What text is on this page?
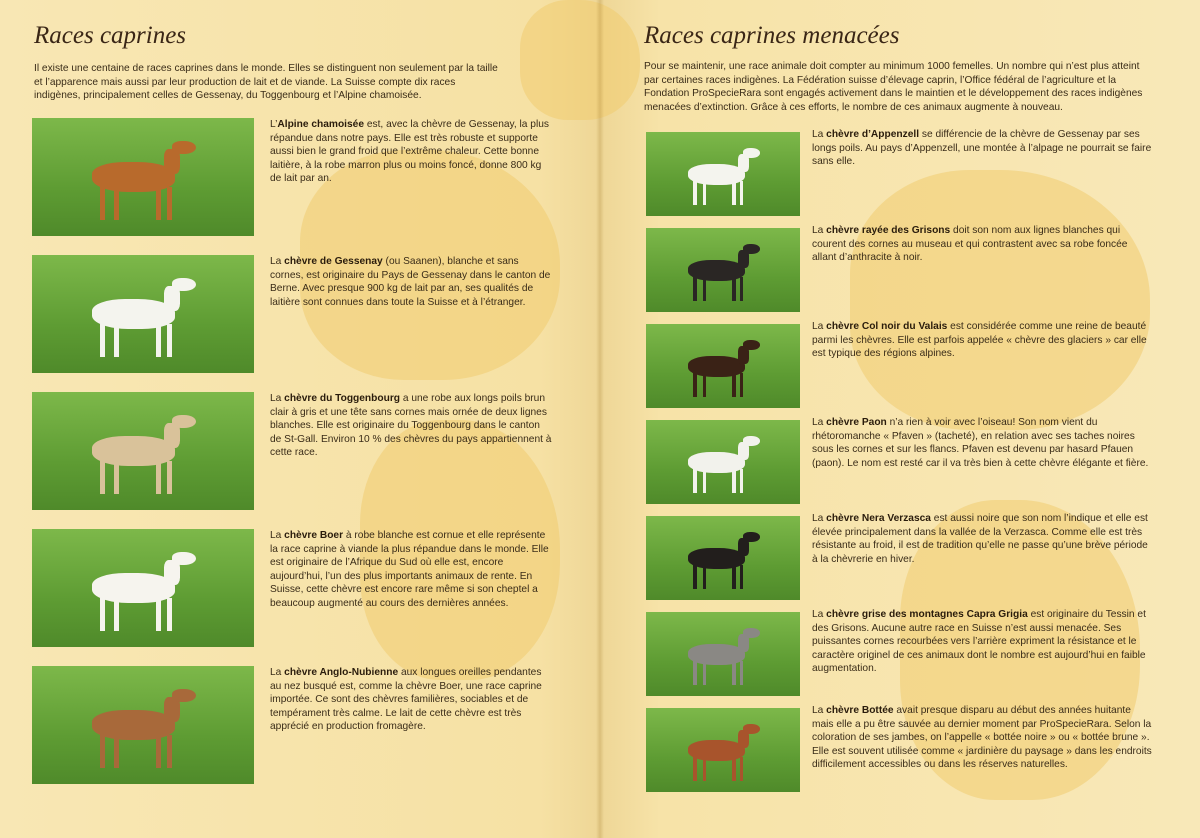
Races caprines

Il existe une centaine de races caprines dans le monde. Elles se distinguent non seulement par la taille et l’apparence mais aussi par leur production de lait et de viande. La Suisse compte dix races indigènes, principalement celles de Gessenay, du Toggenbourg et l’Alpine chamoisée.

L’Alpine chamoisée est, avec la chèvre de Gessenay, la plus répandue dans notre pays. Elle est très robuste et supporte aussi bien le grand froid que l’extrême chaleur. Cette bonne laitière, à la robe marron plus ou moins foncé, donne 800 kg de lait par an.

La chèvre de Gessenay (ou Saanen), blanche et sans cornes, est originaire du Pays de Gessenay dans le canton de Berne. Avec presque 900 kg de lait par an, ses qualités de laitière sont connues dans toute la Suisse et à l’étranger.

La chèvre du Toggenbourg a une robe aux longs poils brun clair à gris et une tête sans cornes mais ornée de deux lignes blanches. Elle est originaire du Toggenbourg dans le canton de St-Gall. Environ 10 % des chèvres du pays appartiennent à cette race.

La chèvre Boer à robe blanche est cornue et elle représente la race caprine à viande la plus répandue dans le monde. Elle est originaire de l’Afrique du Sud où elle est, encore aujourd’hui, l’un des plus importants animaux de rente. En Suisse, cette chèvre est encore rare même si son cheptel a beaucoup augmenté au cours des dernières années.

La chèvre Anglo-Nubienne aux longues oreilles pendantes au nez busqué est, comme la chèvre Boer, une race caprine importée. Ce sont des chèvres familières, sociables et de tempérament très calme. Le lait de cette chèvre est très apprécié en production fromagère.

Races caprines menacées

Pour se maintenir, une race animale doit compter au minimum 1000 femelles. Un nombre qui n’est plus atteint par certaines races indigènes. La Fédération suisse d’élevage caprin, l’Office fédéral de l’agriculture et la Fondation ProSpecieRara sont engagés activement dans le maintien et le développement des races indigènes menacées d’extinction. Grâce à ces efforts, le nombre de ces animaux augmente à nouveau.

La chèvre d’Appenzell se différencie de la chèvre de Gessenay par ses longs poils. Au pays d’Appenzell, une montée à l’alpage ne pourrait se faire sans elle.

La chèvre rayée des Grisons doit son nom aux lignes blanches qui courent des cornes au museau et qui contrastent avec sa robe foncée allant d’anthracite à noir.

La chèvre Col noir du Valais est considérée comme une reine de beauté parmi les chèvres. Elle est parfois appelée « chèvre des glaciers » car elle est typique des régions alpines.

La chèvre Paon n’a rien à voir avec l’oiseau! Son nom vient du rhétoromanche « Pfaven » (tacheté), en relation avec ses taches noires sous les cornes et sur les flancs. Pfaven est devenu par hasard Pfauen (paon). Le nom est resté car il va très bien à cette chèvre élégante et fière.

La chèvre Nera Verzasca est aussi noire que son nom l’indique et elle est élevée principalement dans la vallée de la Verzasca. Comme elle est très résistante au froid, il est de tradition qu’elle ne passe qu’une brève période à la chèvrerie en hiver.

La chèvre grise des montagnes Capra Grigia est originaire du Tessin et des Grisons. Aucune autre race en Suisse n’est aussi menacée. Ses puissantes cornes recourbées vers l’arrière expriment la résistance et le caractère originel de ces animaux dont le nombre est aujourd’hui en faible augmentation.

La chèvre Bottée avait presque disparu au début des années huitante mais elle a pu être sauvée au dernier moment par ProSpecieRara. Selon la coloration de ses jambes, on l’appelle « bottée noire » ou « bottée brune ». Elle est souvent utilisée comme « jardinière du paysage » dans les endroits difficilement accessibles ou dans les réserves naturelles.
